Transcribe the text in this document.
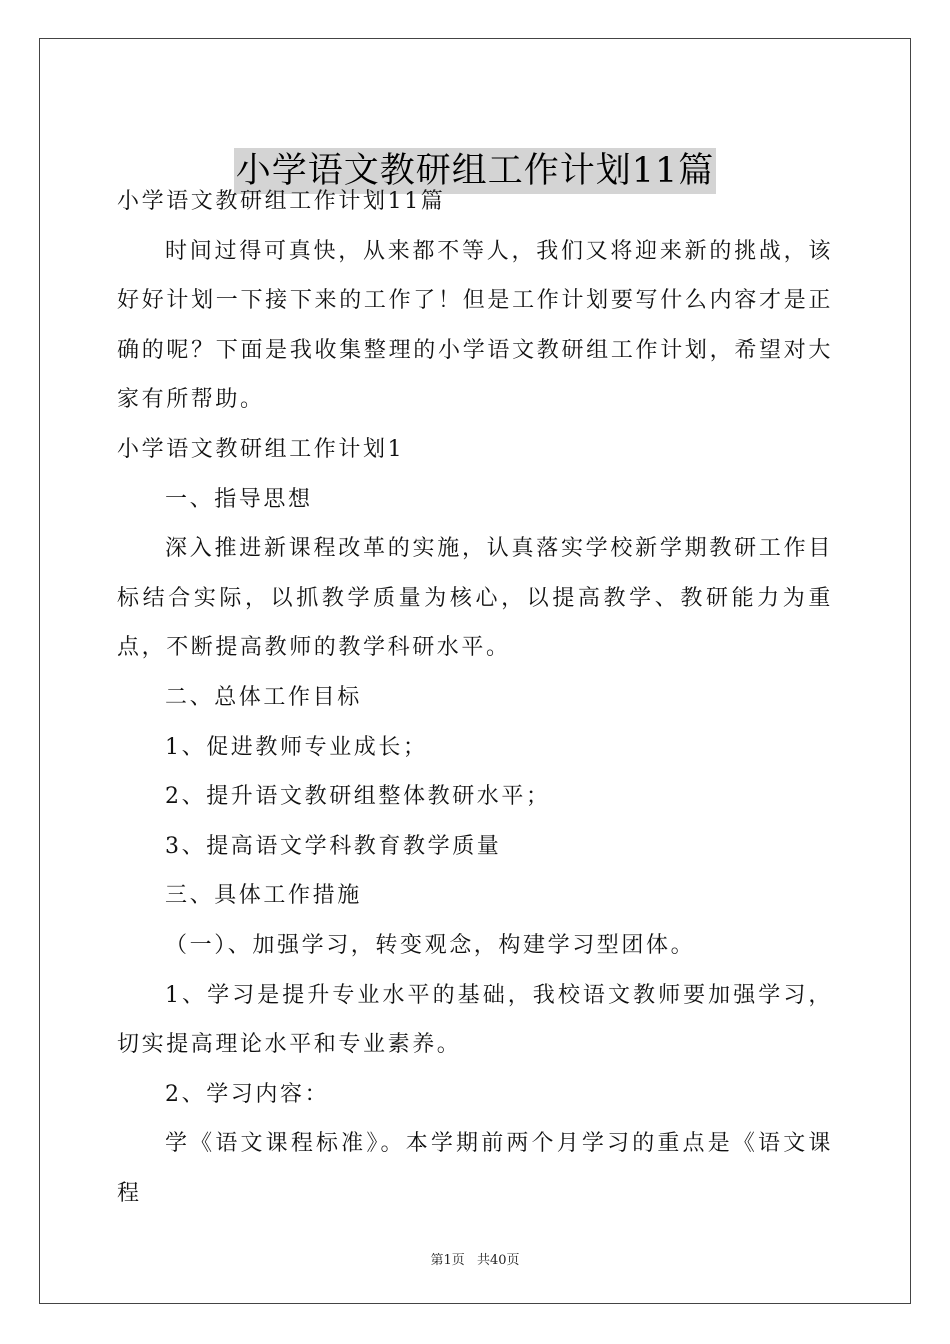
小学语文教研组工作计划11篇

小学语文教研组工作计划11篇

时间过得可真快，从来都不等人，我们又将迎来新的挑战，该好好计划一下接下来的工作了！但是工作计划要写什么内容才是正确的呢？下面是我收集整理的小学语文教研组工作计划，希望对大家有所帮助。

小学语文教研组工作计划1

一、指导思想

深入推进新课程改革的实施，认真落实学校新学期教研工作目标结合实际，以抓教学质量为核心，以提高教学、教研能力为重点，不断提高教师的教学科研水平。

二、总体工作目标

1、促进教师专业成长；

2、提升语文教研组整体教研水平；

3、提高语文学科教育教学质量

三、具体工作措施

（一）、加强学习，转变观念，构建学习型团体。

1、学习是提升专业水平的基础，我校语文教师要加强学习，切实提高理论水平和专业素养。

2、学习内容：

学《语文课程标准》。本学期前两个月学习的重点是《语文课程

第1页 共40页
